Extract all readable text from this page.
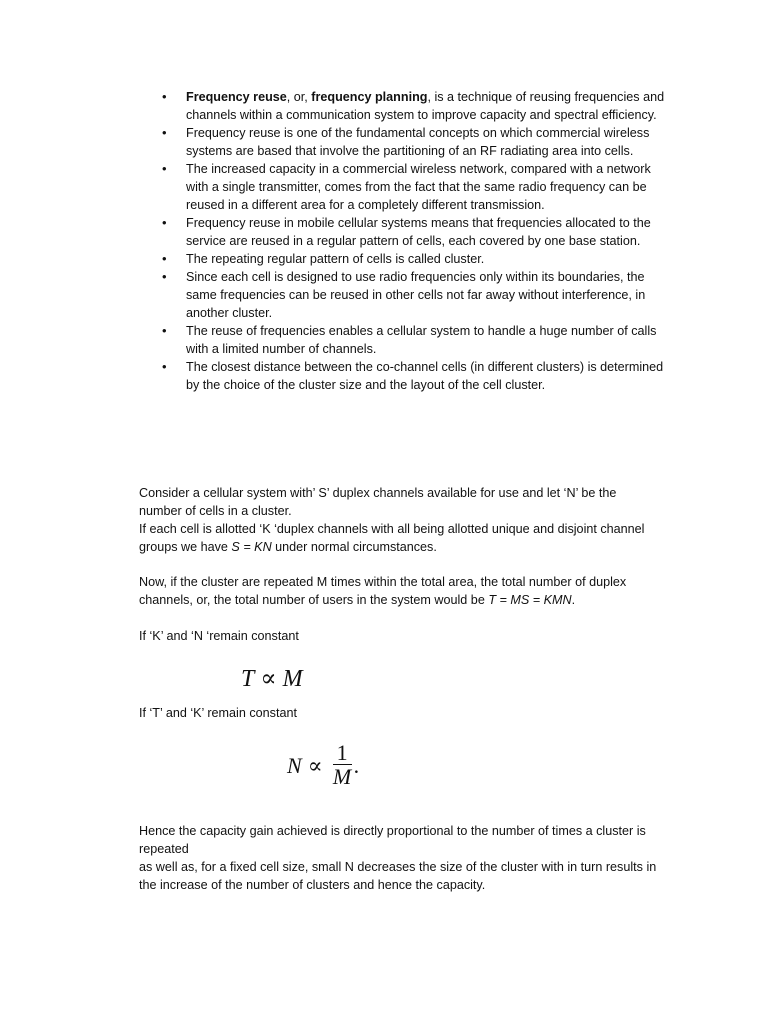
• Frequency reuse, or, frequency planning, is a technique of reusing frequencies and channels within a communication system to improve capacity and spectral efficiency.
• Frequency reuse is one of the fundamental concepts on which commercial wireless systems are based that involve the partitioning of an RF radiating area into cells.
• The increased capacity in a commercial wireless network, compared with a network with a single transmitter, comes from the fact that the same radio frequency can be reused in a different area for a completely different transmission.
• Frequency reuse in mobile cellular systems means that frequencies allocated to the service are reused in a regular pattern of cells, each covered by one base station.
• The repeating regular pattern of cells is called cluster.
• Since each cell is designed to use radio frequencies only within its boundaries, the same frequencies can be reused in other cells not far away without interference, in another cluster.
• The reuse of frequencies enables a cellular system to handle a huge number of calls with a limited number of channels.
• The closest distance between the co-channel cells (in different clusters) is determined by the choice of the cluster size and the layout of the cell cluster.

Consider a cellular system with’ S’ duplex channels available for use and let ‘N’ be the number of cells in a cluster.
If each cell is allotted ‘K ‘duplex channels with all being allotted unique and disjoint channel groups we have S = KN under normal circumstances.

Now, if the cluster are repeated M times within the total area, the total number of duplex channels, or, the total number of users in the system would be T = MS = KMN.

If ‘K’ and ‘N ‘remain constant

T ∝ M

If ‘T’ and ‘K’ remain constant

$N \propto \frac{1}{M}$ .

Hence the capacity gain achieved is directly proportional to the number of times a cluster is repeated
as well as, for a fixed cell size, small N decreases the size of the cluster with in turn results in the increase of the number of clusters and hence the capacity.
